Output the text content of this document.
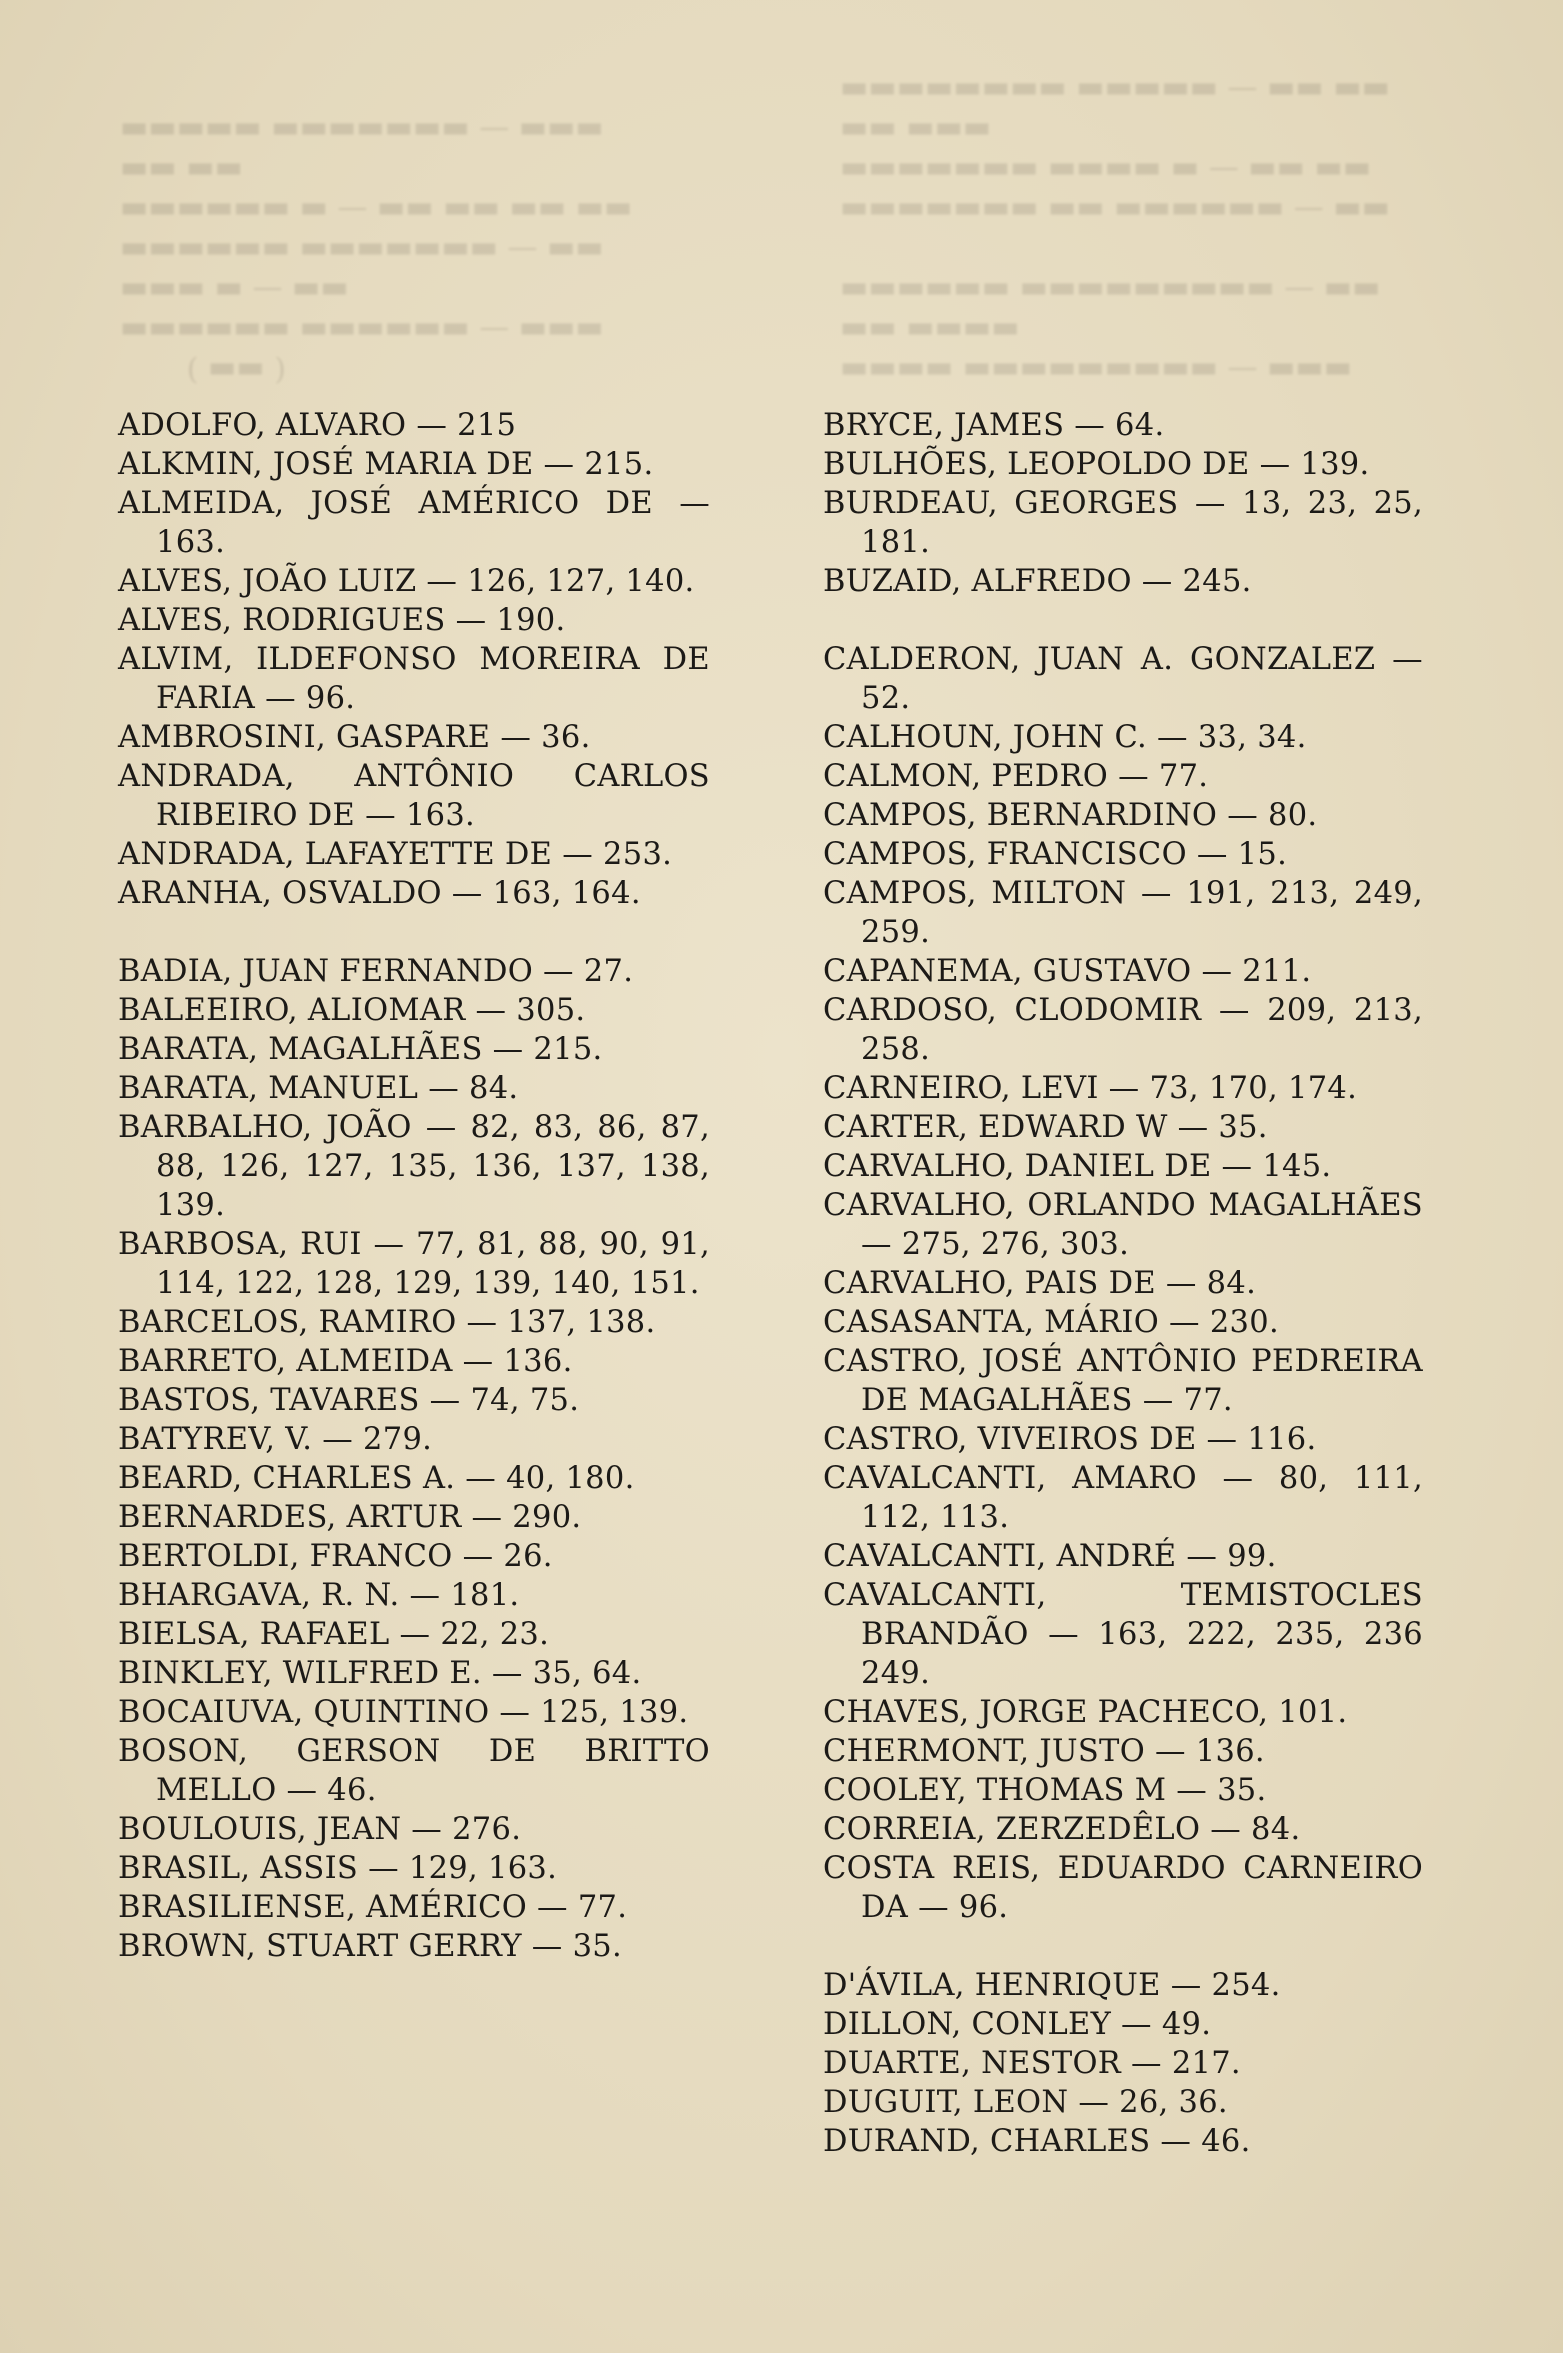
▬▬▬▬ ▬▬▬▬▬▬▬▬▬ — ▬▬▬
▬▬ ▬▬▬▬
▬▬▬▬▬▬ ▬▬▬▬▬▬▬▬▬ — ▬▬

▬▬▬▬▬▬▬ ▬▬ ▬▬▬▬▬▬ — ▬▬
▬▬▬▬▬▬▬ ▬▬▬▬ ▬ — ▬▬ ▬▬
▬▬ ▬▬▬
▬▬▬▬▬▬▬▬ ▬▬▬▬▬ — ▬▬ ▬▬
( ▬▬ )
▬▬▬▬▬▬ ▬▬▬▬▬▬ — ▬▬▬
▬▬▬ ▬ — ▬▬
▬▬▬▬▬▬ ▬▬▬▬▬▬▬ — ▬▬
▬▬▬▬▬▬ ▬ — ▬▬ ▬▬ ▬▬ ▬▬
▬▬ ▬▬
▬▬▬▬▬ ▬▬▬▬▬▬▬ — ▬▬▬

ADOLFO, ALVARO — 215

ALKMIN, JOSÉ MARIA DE — 215.

ALMEIDA, JOSÉ AMÉRICO DE — 163.

ALVES, JOÃO LUIZ — 126, 127, 140.

ALVES, RODRIGUES — 190.

ALVIM, ILDEFONSO MOREIRA DE FARIA — 96.

AMBROSINI, GASPARE — 36.

ANDRADA, ANTÔNIO CARLOS RIBEIRO DE — 163.

ANDRADA, LAFAYETTE DE — 253.

ARANHA, OSVALDO — 163, 164.

BADIA, JUAN FERNANDO — 27.

BALEEIRO, ALIOMAR — 305.

BARATA, MAGALHÃES — 215.

BARATA, MANUEL — 84.

BARBALHO, JOÃO — 82, 83, 86, 87, 88, 126, 127, 135, 136, 137, 138, 139.

BARBOSA, RUI — 77, 81, 88, 90, 91, 114, 122, 128, 129, 139, 140, 151.

BARCELOS, RAMIRO — 137, 138.

BARRETO, ALMEIDA — 136.

BASTOS, TAVARES — 74, 75.

BATYREV, V. — 279.

BEARD, CHARLES A. — 40, 180.

BERNARDES, ARTUR — 290.

BERTOLDI, FRANCO — 26.

BHARGAVA, R. N. — 181.

BIELSA, RAFAEL — 22, 23.

BINKLEY, WILFRED E. — 35, 64.

BOCAIUVA, QUINTINO — 125, 139.

BOSON, GERSON DE BRITTO MELLO — 46.

BOULOUIS, JEAN — 276.

BRASIL, ASSIS — 129, 163.

BRASILIENSE, AMÉRICO — 77.

BROWN, STUART GERRY — 35.

BRYCE, JAMES — 64.

BULHÕES, LEOPOLDO DE — 139.

BURDEAU, GEORGES — 13, 23, 25, 181.

BUZAID, ALFREDO — 245.

CALDERON, JUAN A. GONZALEZ — 52.

CALHOUN, JOHN C. — 33, 34.

CALMON, PEDRO — 77.

CAMPOS, BERNARDINO — 80.

CAMPOS, FRANCISCO — 15.

CAMPOS, MILTON — 191, 213, 249, 259.

CAPANEMA, GUSTAVO — 211.

CARDOSO, CLODOMIR — 209, 213, 258.

CARNEIRO, LEVI — 73, 170, 174.

CARTER, EDWARD W — 35.

CARVALHO, DANIEL DE — 145.

CARVALHO, ORLANDO MAGALHÃES — 275, 276, 303.

CARVALHO, PAIS DE — 84.

CASASANTA, MÁRIO — 230.

CASTRO, JOSÉ ANTÔNIO PEDREIRA DE MAGALHÃES — 77.

CASTRO, VIVEIROS DE — 116.

CAVALCANTI, AMARO — 80, 111, 112, 113.

CAVALCANTI, ANDRÉ — 99.

CAVALCANTI, TEMISTOCLES BRANDÃO — 163, 222, 235, 236 249.

CHAVES, JORGE PACHECO, 101.

CHERMONT, JUSTO — 136.

COOLEY, THOMAS M — 35.

CORREIA, ZERZEDÊLO — 84.

COSTA REIS, EDUARDO CARNEIRO DA — 96.

D'ÁVILA, HENRIQUE — 254.

DILLON, CONLEY — 49.

DUARTE, NESTOR — 217.

DUGUIT, LEON — 26, 36.

DURAND, CHARLES — 46.
